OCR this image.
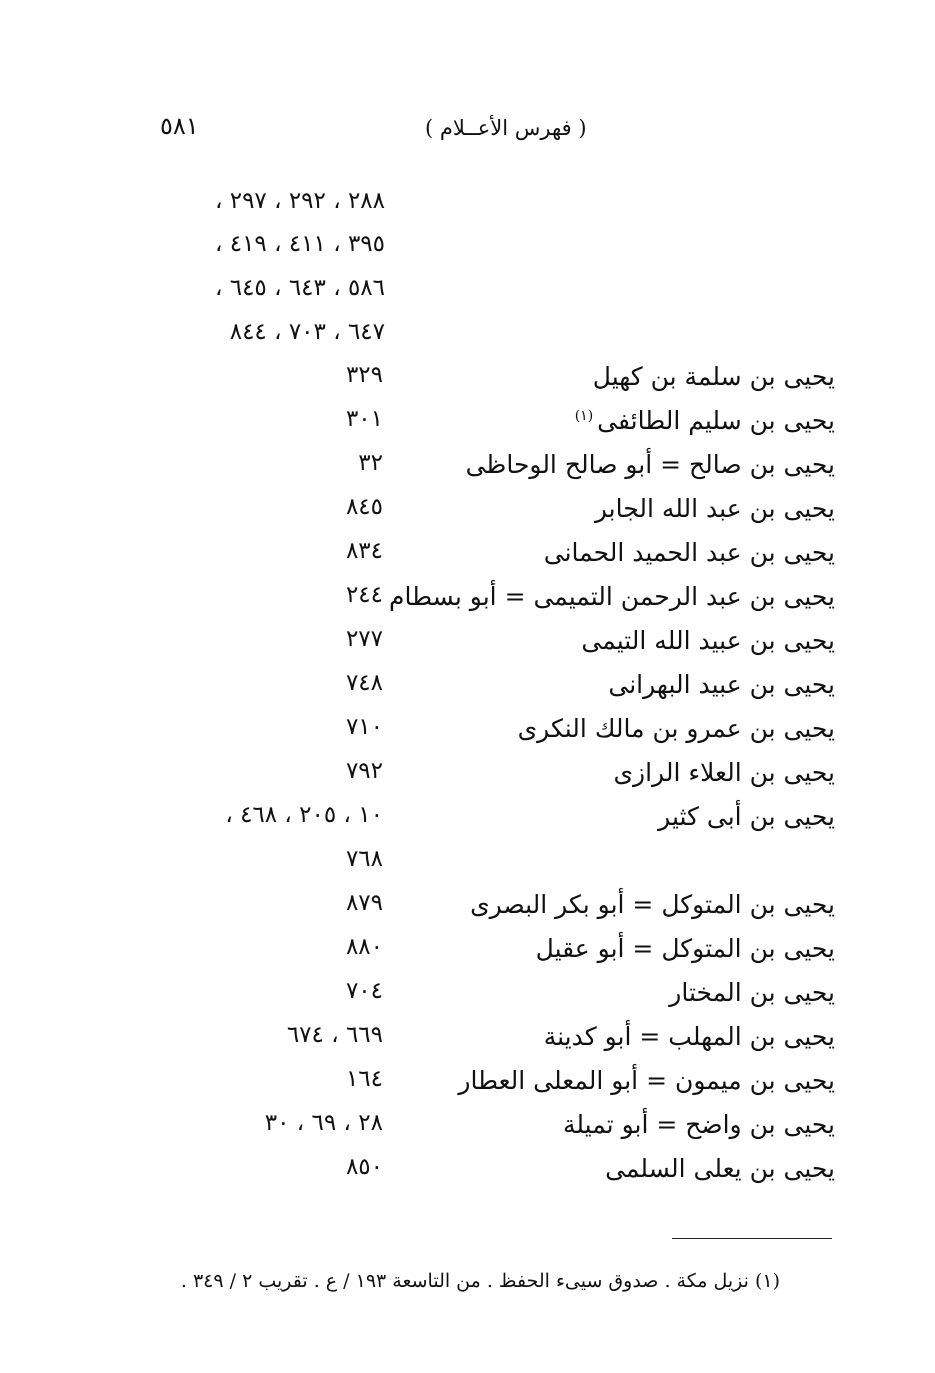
٥٨١	( فهرس الأعــلام )
٢٨٨ ، ٢٩٢ ، ٢٩٧ ،
٣٩٥ ، ٤١١ ، ٤١٩ ،
٥٨٦ ، ٦٤٣ ، ٦٤٥ ،
٦٤٧ ، ٧٠٣ ، ٨٤٤
يحيى بن سلمة بن كهيل
٣٢٩
يحيى بن سليم الطائفى$^{(١)}$
٣٠١
يحيى بن صالح = أبو صالح الوحاظى
٣٢
يحيى بن عبد الله الجابر
٨٤٥
يحيى بن عبد الحميد الحمانى
٨٣٤
يحيى بن عبد الرحمن التميمى = أبو بسطام
٢٤٤
يحيى بن عبيد الله التيمى
٢٧٧
يحيى بن عبيد البهرانى
٧٤٨
يحيى بن عمرو بن مالك النكرى
٧١٠
يحيى بن العلاء الرازى
٧٩٢
يحيى بن أبى كثير
١٠ ، ٢٠٥ ، ٤٦٨ ،
٧٦٨
يحيى بن المتوكل = أبو بكر البصرى
٨٧٩
يحيى بن المتوكل = أبو عقيل
٨٨٠
يحيى بن المختار
٧٠٤
يحيى بن المهلب = أبو كدينة
٦٦٩ ، ٦٧٤
يحيى بن ميمون = أبو المعلى العطار
١٦٤
يحيى بن واضح = أبو تميلة
٢٨ ، ٦٩ ، ٣٠
يحيى بن يعلى السلمى
٨٥٠
(١) نزيل مكة . صدوق سيىء الحفظ . من التاسعة ١٩٣ / ع . تقريب ٢ / ٣٤٩ .
